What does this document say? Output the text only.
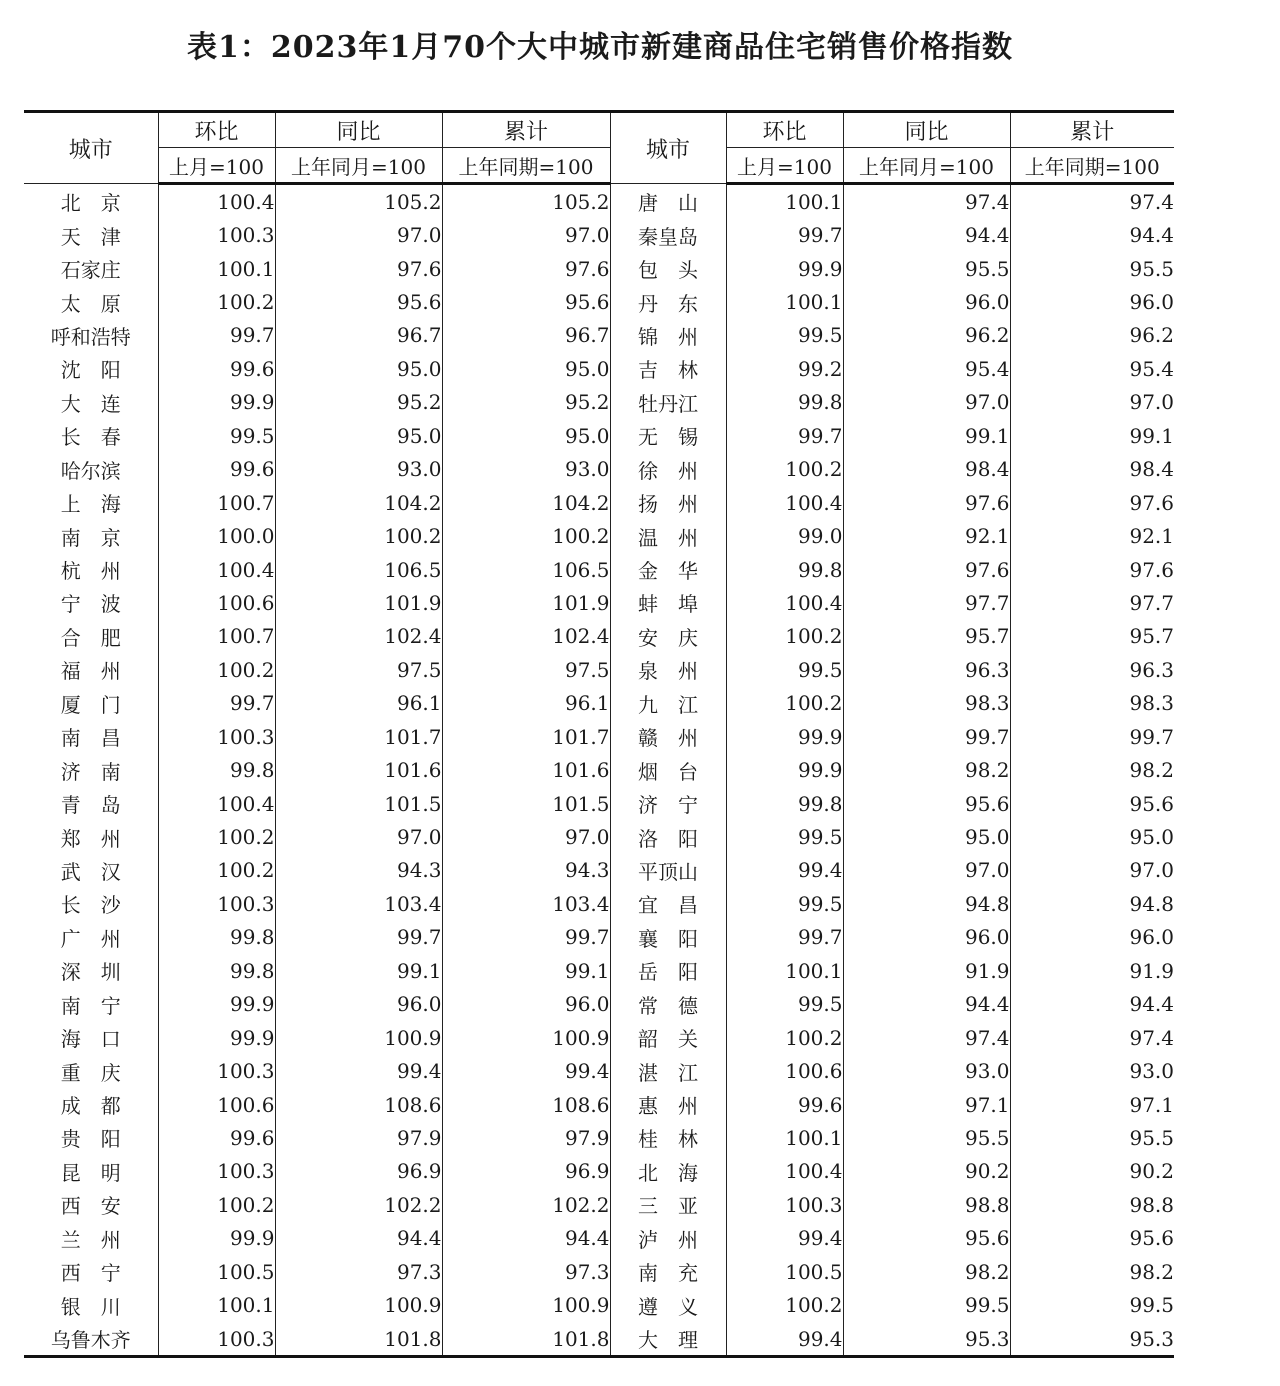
表1：2023年1月70个大中城市新建商品住宅销售价格指数
城市	环比	同比	累计	城市	环比	同比	累计
	上月=100	上年同月=100	上年同期=100		上月=100	上年同月=100	上年同期=100
北　京	100.4	105.2	105.2	唐　山	100.1	97.4	97.4
天　津	100.3	97.0	97.0	秦皇岛	99.7	94.4	94.4
石家庄	100.1	97.6	97.6	包　头	99.9	95.5	95.5
太　原	100.2	95.6	95.6	丹　东	100.1	96.0	96.0
呼和浩特	99.7	96.7	96.7	锦　州	99.5	96.2	96.2
沈　阳	99.6	95.0	95.0	吉　林	99.2	95.4	95.4
大　连	99.9	95.2	95.2	牡丹江	99.8	97.0	97.0
长　春	99.5	95.0	95.0	无　锡	99.7	99.1	99.1
哈尔滨	99.6	93.0	93.0	徐　州	100.2	98.4	98.4
上　海	100.7	104.2	104.2	扬　州	100.4	97.6	97.6
南　京	100.0	100.2	100.2	温　州	99.0	92.1	92.1
杭　州	100.4	106.5	106.5	金　华	99.8	97.6	97.6
宁　波	100.6	101.9	101.9	蚌　埠	100.4	97.7	97.7
合　肥	100.7	102.4	102.4	安　庆	100.2	95.7	95.7
福　州	100.2	97.5	97.5	泉　州	99.5	96.3	96.3
厦　门	99.7	96.1	96.1	九　江	100.2	98.3	98.3
南　昌	100.3	101.7	101.7	赣　州	99.9	99.7	99.7
济　南	99.8	101.6	101.6	烟　台	99.9	98.2	98.2
青　岛	100.4	101.5	101.5	济　宁	99.8	95.6	95.6
郑　州	100.2	97.0	97.0	洛　阳	99.5	95.0	95.0
武　汉	100.2	94.3	94.3	平顶山	99.4	97.0	97.0
长　沙	100.3	103.4	103.4	宜　昌	99.5	94.8	94.8
广　州	99.8	99.7	99.7	襄　阳	99.7	96.0	96.0
深　圳	99.8	99.1	99.1	岳　阳	100.1	91.9	91.9
南　宁	99.9	96.0	96.0	常　德	99.5	94.4	94.4
海　口	99.9	100.9	100.9	韶　关	100.2	97.4	97.4
重　庆	100.3	99.4	99.4	湛　江	100.6	93.0	93.0
成　都	100.6	108.6	108.6	惠　州	99.6	97.1	97.1
贵　阳	99.6	97.9	97.9	桂　林	100.1	95.5	95.5
昆　明	100.3	96.9	96.9	北　海	100.4	90.2	90.2
西　安	100.2	102.2	102.2	三　亚	100.3	98.8	98.8
兰　州	99.9	94.4	94.4	泸　州	99.4	95.6	95.6
西　宁	100.5	97.3	97.3	南　充	100.5	98.2	98.2
银　川	100.1	100.9	100.9	遵　义	100.2	99.5	99.5
乌鲁木齐	100.3	101.8	101.8	大　理	99.4	95.3	95.3
